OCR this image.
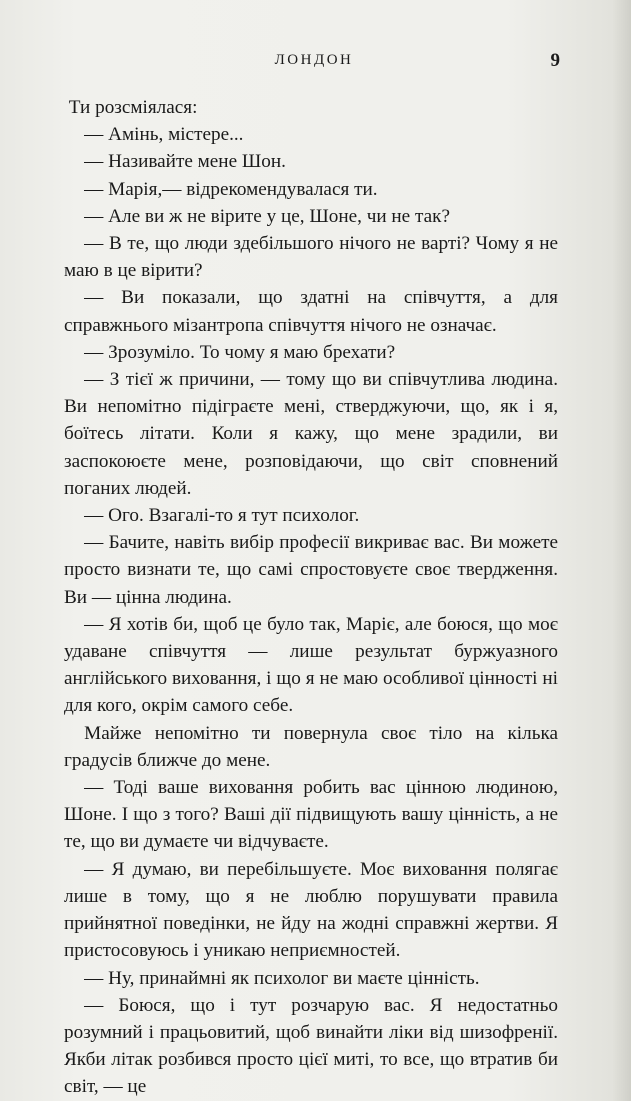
ЛОНДОН	9

Ти розсміялася:

— Амінь, містере...

— Називайте мене Шон.

— Марія,— відрекомендувалася ти.

— Але ви ж не вірите у це, Шоне, чи не так?

— В те, що люди здебільшого нічого не варті? Чому я не маю в це вірити?

— Ви показали, що здатні на співчуття, а для справжнього мізантропа співчуття нічого не означає.

— Зрозуміло. То чому я маю брехати?

— З тієї ж причини, — тому що ви співчутлива людина. Ви непомітно підіграєте мені, стверджуючи, що, як і я, боїтесь літати. Коли я кажу, що мене зрадили, ви заспокоюєте мене, розповідаючи, що світ сповнений поганих людей.

— Ого. Взагалі-то я тут психолог.

— Бачите, навіть вибір професії викриває вас. Ви можете просто визнати те, що самі спростовуєте своє твердження. Ви — цінна людина.

— Я хотів би, щоб це було так, Маріє, але боюся, що моє удаване співчуття — лише результат буржуазного англійського виховання, і що я не маю особливої цінності ні для кого, окрім самого себе.

Майже непомітно ти повернула своє тіло на кілька градусів ближче до мене.

— Тоді ваше виховання робить вас цінною людиною, Шоне. І що з того? Ваші дії підвищують вашу цінність, а не те, що ви думаєте чи відчуваєте.

— Я думаю, ви перебільшуєте. Моє виховання полягає лише в тому, що я не люблю порушувати правила прийнятної поведінки, не йду на жодні справжні жертви. Я пристосовуюсь і уникаю неприємностей.

— Ну, принаймні як психолог ви маєте цінність.

— Боюся, що і тут розчарую вас. Я недостатньо розумний і працьовитий, щоб винайти ліки від шизофренії. Якби літак розбився просто цієї миті, то все, що втратив би світ, — це
